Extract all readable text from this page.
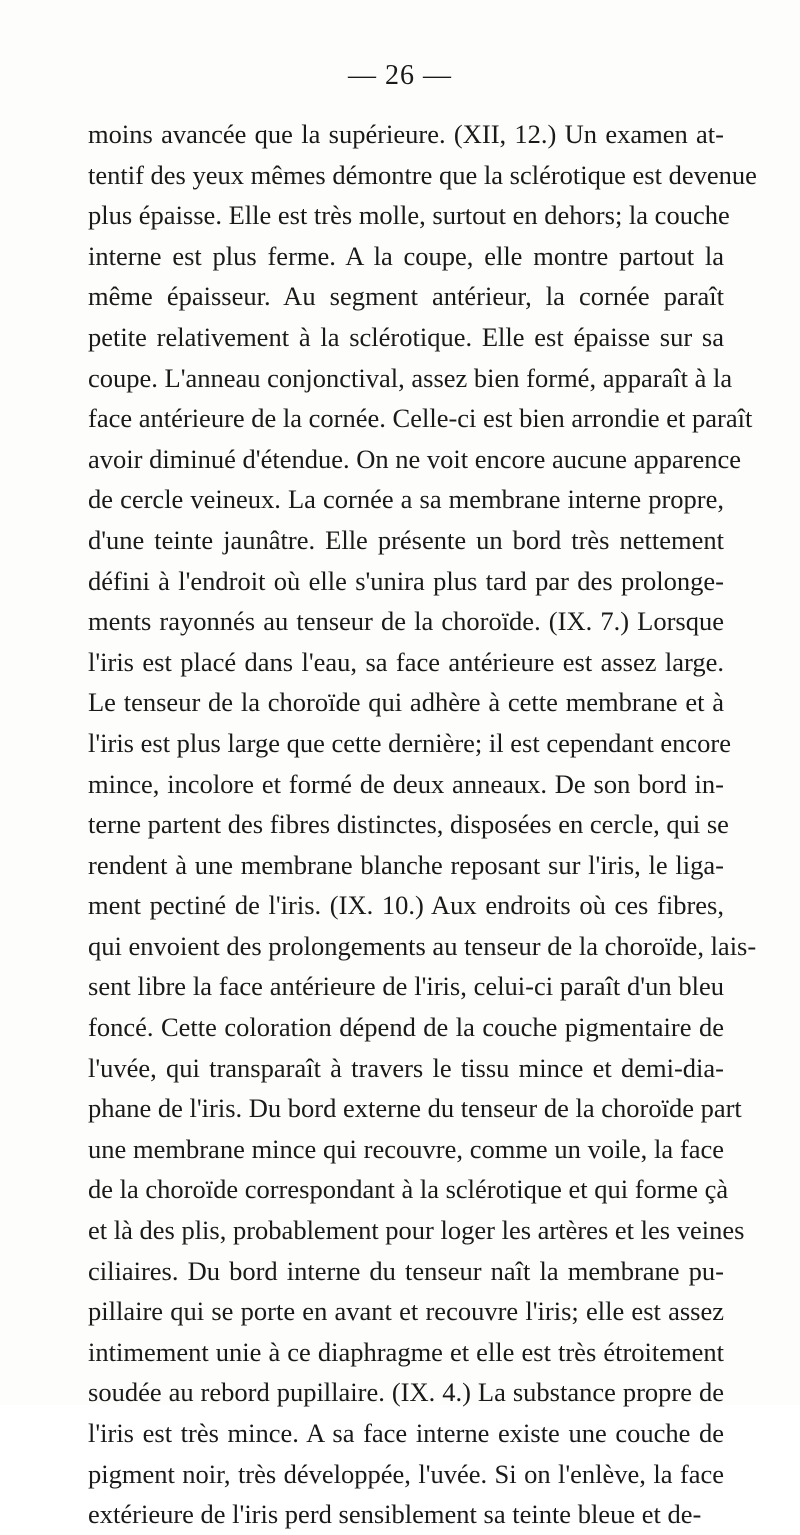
— 26 —
moins avancée que la supérieure. (XII, 12.) Un examen at-
tentif des yeux mêmes démontre que la sclérotique est devenue
plus épaisse. Elle est très molle, surtout en dehors; la couche
interne est plus ferme. A la coupe, elle montre partout la
même épaisseur. Au segment antérieur, la cornée paraît
petite relativement à la sclérotique. Elle est épaisse sur sa
coupe. L'anneau conjonctival, assez bien formé, apparaît à la
face antérieure de la cornée. Celle-ci est bien arrondie et paraît
avoir diminué d'étendue. On ne voit encore aucune apparence
de cercle veineux. La cornée a sa membrane interne propre,
d'une teinte jaunâtre. Elle présente un bord très nettement
défini à l'endroit où elle s'unira plus tard par des prolonge-
ments rayonnés au tenseur de la choroïde. (IX. 7.) Lorsque
l'iris est placé dans l'eau, sa face antérieure est assez large.
Le tenseur de la choroïde qui adhère à cette membrane et à
l'iris est plus large que cette dernière; il est cependant encore
mince, incolore et formé de deux anneaux. De son bord in-
terne partent des fibres distinctes, disposées en cercle, qui se
rendent à une membrane blanche reposant sur l'iris, le liga-
ment pectiné de l'iris. (IX. 10.) Aux endroits où ces fibres,
qui envoient des prolongements au tenseur de la choroïde, lais-
sent libre la face antérieure de l'iris, celui-ci paraît d'un bleu
foncé. Cette coloration dépend de la couche pigmentaire de
l'uvée, qui transparaît à travers le tissu mince et demi-dia-
phane de l'iris. Du bord externe du tenseur de la choroïde part
une membrane mince qui recouvre, comme un voile, la face
de la choroïde correspondant à la sclérotique et qui forme çà
et là des plis, probablement pour loger les artères et les veines
ciliaires. Du bord interne du tenseur naît la membrane pu-
pillaire qui se porte en avant et recouvre l'iris; elle est assez
intimement unie à ce diaphragme et elle est très étroitement
soudée au rebord pupillaire. (IX. 4.) La substance propre de
l'iris est très mince. A sa face interne existe une couche de
pigment noir, très développée, l'uvée. Si on l'enlève, la face
extérieure de l'iris perd sensiblement sa teinte bleue et de-
